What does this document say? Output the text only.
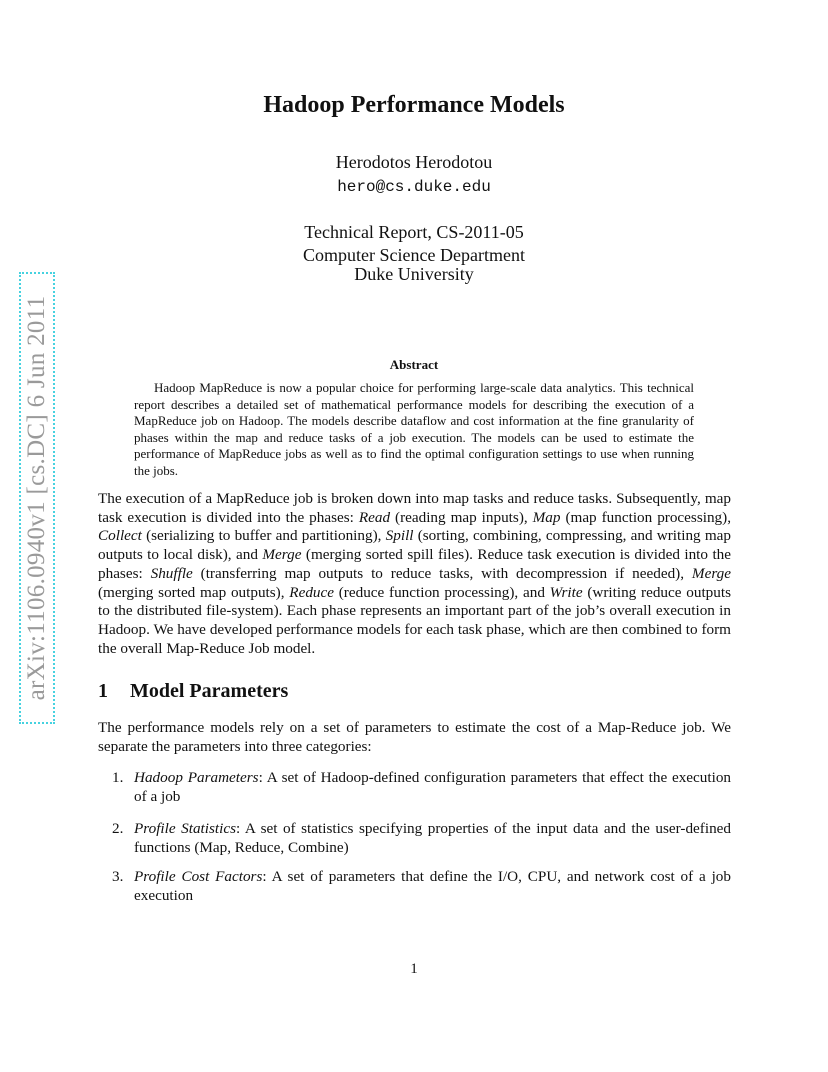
arXiv:1106.0940v1 [cs.DC] 6 Jun 2011
Hadoop Performance Models
Herodotos Herodotou
hero@cs.duke.edu
Technical Report, CS-2011-05
Computer Science Department
Duke University
Abstract

Hadoop MapReduce is now a popular choice for performing large-scale data analytics. This technical report describes a detailed set of mathematical performance models for describing the execution of a MapReduce job on Hadoop. The models describe dataflow and cost information at the fine granularity of phases within the map and reduce tasks of a job execution. The models can be used to estimate the performance of MapReduce jobs as well as to find the optimal configuration settings to use when running the jobs.

The execution of a MapReduce job is broken down into map tasks and reduce tasks. Subsequently, map task execution is divided into the phases: Read (reading map inputs), Map (map function processing), Collect (serializing to buffer and partitioning), Spill (sorting, combining, compressing, and writing map outputs to local disk), and Merge (merging sorted spill files). Reduce task execution is divided into the phases: Shuffle (transferring map outputs to reduce tasks, with decompression if needed), Merge (merging sorted map outputs), Reduce (reduce function processing), and Write (writing reduce outputs to the distributed file-system). Each phase represents an important part of the job’s overall execution in Hadoop. We have developed performance models for each task phase, which are then combined to form the overall Map-Reduce Job model.

1 Model Parameters

The performance models rely on a set of parameters to estimate the cost of a Map-Reduce job. We separate the parameters into three categories:

1. Hadoop Parameters: A set of Hadoop-defined configuration parameters that effect the execution of a job
2. Profile Statistics: A set of statistics specifying properties of the input data and the user-defined functions (Map, Reduce, Combine)
3. Profile Cost Factors: A set of parameters that define the I/O, CPU, and network cost of a job execution
1
